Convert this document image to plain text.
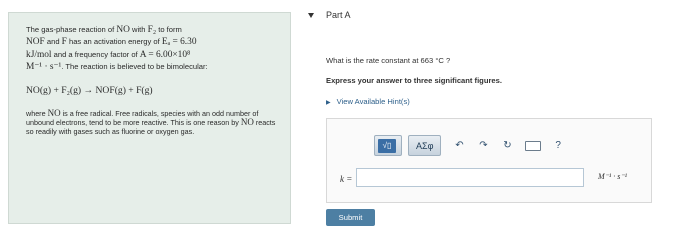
The gas-phase reaction of NO with F₂ to form
NOF and F has an activation energy of Eₐ = 6.30
kJ/mol and a frequency factor of A = 6.00×10⁸
M⁻¹ · s⁻¹. The reaction is believed to be bimolecular:

NO(g) + F₂(g) → NOF(g) + F(g)

where NO is a free radical. Free radicals, species with an odd number of unbound electrons, tend to be more reactive. This is one reason by NO reacts so readily with gases such as fluorine or oxygen gas.

Part A
What is the rate constant at 663 °C ?
Express your answer to three significant figures.
▶ View Available Hint(s)
√▯	ΑΣφ	↶	↷	↻	?
k =	M⁻¹ · s⁻¹
Submit
